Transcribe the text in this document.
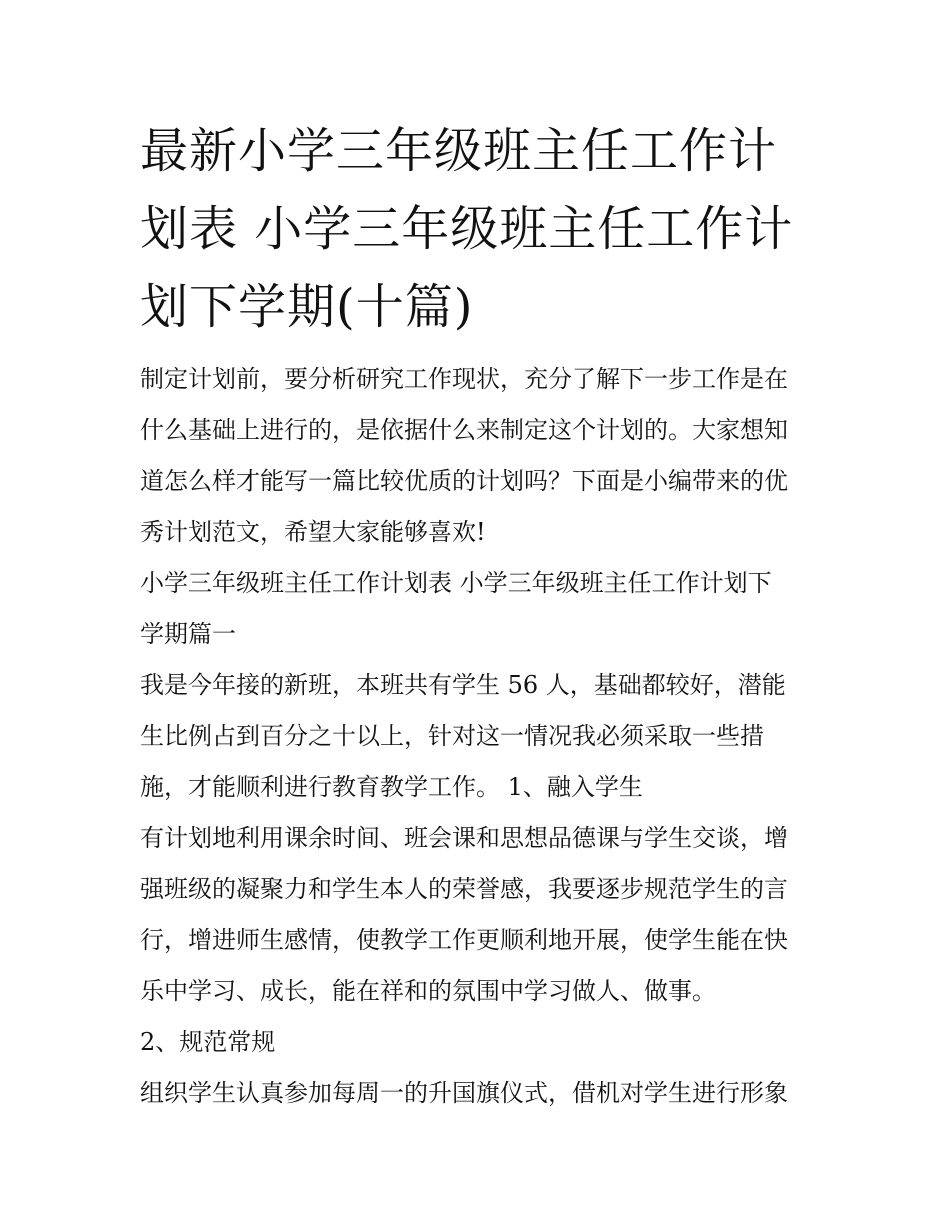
最新小学三年级班主任工作计
划表 小学三年级班主任工作计
划下学期(十篇)
制定计划前，要分析研究工作现状，充分了解下一步工作是在
什么基础上进行的，是依据什么来制定这个计划的。大家想知
道怎么样才能写一篇比较优质的计划吗？下面是小编带来的优
秀计划范文，希望大家能够喜欢!
小学三年级班主任工作计划表 小学三年级班主任工作计划下
学期篇一
我是今年接的新班，本班共有学生 56 人，基础都较好，潜能
生比例占到百分之十以上，针对这一情况我必须采取一些措
施，才能顺利进行教育教学工作。 1、融入学生
有计划地利用课余时间、班会课和思想品德课与学生交谈，增
强班级的凝聚力和学生本人的荣誉感，我要逐步规范学生的言
行，增进师生感情，使教学工作更顺利地开展，使学生能在快
乐中学习、成长，能在祥和的氛围中学习做人、做事。
2、规范常规
组织学生认真参加每周一的升国旗仪式，借机对学生进行形象
